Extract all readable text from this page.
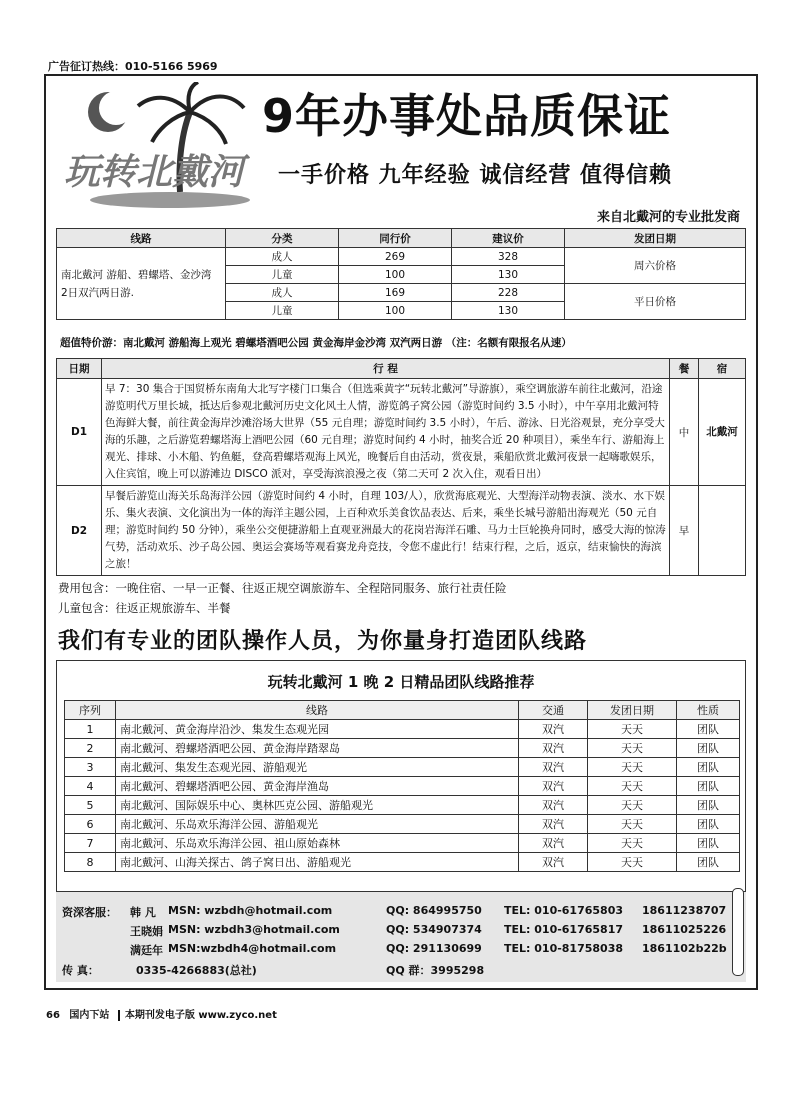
广告征订热线：010-5166 5969
玩转北戴河
9年办事处品质保证
一手价格 九年经验 诚信经营 值得信赖
来自北戴河的专业批发商
线路	分类	同行价	建议价	发团日期
南北戴河 游船、碧螺塔、金沙湾 2日双汽两日游.	成人	269	328	周六价格
	儿童	100	130	
	成人	169	228	平日价格
	儿童	100	130	
超值特价游：南北戴河 游船海上观光 碧螺塔酒吧公园 黄金海岸金沙湾 双汽两日游 （注：名额有限报名从速）
日期	行 程	餐	宿
D1	早 7：30 集合于国贸桥东南角大北写字楼门口集合（但选乘黄字“玩转北戴河”导游旗），乘空调旅游车前往北戴河，沿途游览明代万里长城，抵达后参观北戴河历史文化风土人情，游览鸽子窝公园（游览时间约 3.5 小时），中午享用北戴河特色海鲜大餐，前往黄金海岸沙滩浴场大世界（55 元自理；游览时间约 3.5 小时），午后、游泳、日光浴观景，充分享受大海的乐趣，之后游览碧螺塔海上酒吧公园（60 元自理；游览时间约 4 小时，抽奖合近 20 种项目），乘坐车行、游船海上观光、排球、小木船、钓鱼艇，登高碧螺塔观海上风光，晚餐后自由活动，赏夜景，乘船欣赏北戴河夜景一起嗨歌娱乐，入住宾馆，晚上可以游滩边 DISCO 派对，享受海滨浪漫之夜（第二天可 2 次入住，观看日出）	中	北戴河
D2	早餐后游览山海关乐岛海洋公园（游览时间约 4 小时，自理 103/人），欣赏海底观光、大型海洋动物表演、淡水、水下娱乐、集火表演、文化演出为一体的海洋主题公园，上百种欢乐美食饮品表达、后来，乘坐长城号游船出海观光（50 元自理；游览时间约 50 分钟），乘坐公交便捷游船上直观亚洲最大的花岗岩海洋石雕、马力士巨轮换舟同时，感受大海的惊涛气势，活动欢乐、沙子岛公园、奥运会赛场等观看赛龙舟竞技，令您不虚此行！结束行程，之后，返京，结束愉快的海滨之旅！	早	
费用包含：一晚住宿、一早一正餐、往返正规空调旅游车、全程陪同服务、旅行社责任险
儿童包含：往返正规旅游车、半餐
我们有专业的团队操作人员，为你量身打造团队线路
玩转北戴河 1 晚 2 日精品团队线路推荐
序列	线路	交通	发团日期	性质
1	南北戴河、黄金海岸沿沙、集发生态观光园	双汽	天天	团队
2	南北戴河、碧螺塔酒吧公园、黄金海岸踏翠岛	双汽	天天	团队
3	南北戴河、集发生态观光园、游船观光	双汽	天天	团队
4	南北戴河、碧螺塔酒吧公园、黄金海岸渔岛	双汽	天天	团队
5	南北戴河、国际娱乐中心、奥林匹克公园、游船观光	双汽	天天	团队
6	南北戴河、乐岛欢乐海洋公园、游船观光	双汽	天天	团队
7	南北戴河、乐岛欢乐海洋公园、祖山原始森林	双汽	天天	团队
8	南北戴河、山海关探古、鸽子窝日出、游船观光	双汽	天天	团队
资深客服： 韩 凡 MSN: wzbdh@hotmail.com	QQ: 864995750 TEL: 010-61765803 18611238707
王晓娟 MSN: wzbdh3@hotmail.com	QQ: 534907374 TEL: 010-61765817 18611025226
满廷年 MSN:wzbdh4@hotmail.com	QQ: 291130699 TEL: 010-81758038 1861102b22b
传 真：	0335-4266883(总社)	QQ 群：3995298
66 国内下站 本期刊发电子版 www.zyco.net
